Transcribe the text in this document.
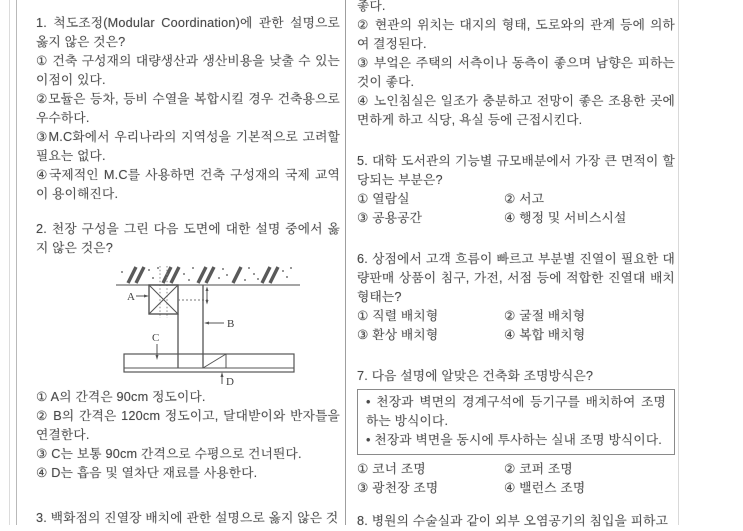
1. 척도조정(Modular Coordination)에 관한 설명으로 옳지 않은 것은?

① 건축 구성재의 대량생산과 생산비용을 낮출 수 있는 이점이 있다.

②모듈은 등차, 등비 수열을 복합시킬 경우 건축용으로 우수하다.

③M.C화에서 우리나라의 지역성을 기본적으로 고려할 필요는 없다.

④국제적인 M.C를 사용하면 건축 구성재의 국제 교역이 용이해진다.

2. 천장 구성을 그린 다음 도면에 대한 설명 중에서 옳지 않은 것은?

A
B
C
D

① A의 간격은 90cm 정도이다.

② B의 간격은 120cm 정도이고, 달대받이와 반자틀을 연결한다.

③ C는 보통 90cm 간격으로 수평으로 건너띈다.

④ D는 흡음 및 열차단 재료를 사용한다.

3. 백화점의 진열장 배치에 관한 설명으로 옳지 않은 것

좋다.

② 현관의 위치는 대지의 형태, 도로와의 관계 등에 의하여 결정된다.

③ 부엌은 주택의 서측이나 동측이 좋으며 남향은 피하는 것이 좋다.

④ 노인침실은 일조가 충분하고 전망이 좋은 조용한 곳에 면하게 하고 식당, 욕실 등에 근접시킨다.

5. 대학 도서관의 기능별 규모배분에서 가장 큰 면적이 할당되는 부분은?

① 열람실	② 서고

③ 공용공간	④ 행정 및 서비스시설

6. 상점에서 고객 흐름이 빠르고 부분별 진열이 필요한 대량판매 상품이 침구, 가전, 서점 등에 적합한 진열대 배치 형태는?

① 직렬 배치형	② 굴절 배치형

③ 환상 배치형	④ 복합 배치형

7. 다음 설명에 알맞은 건축화 조명방식은?

• 천장과 벽면의 경계구석에 등기구를 배치하여 조명하는 방식이다.

• 천장과 벽면을 동시에 투사하는 실내 조명 방식이다.

① 코너 조명	② 코퍼 조명

③ 광천장 조명	④ 밸런스 조명

8. 병원의 수술실과 같이 외부 오염공기의 침입을 피하고
